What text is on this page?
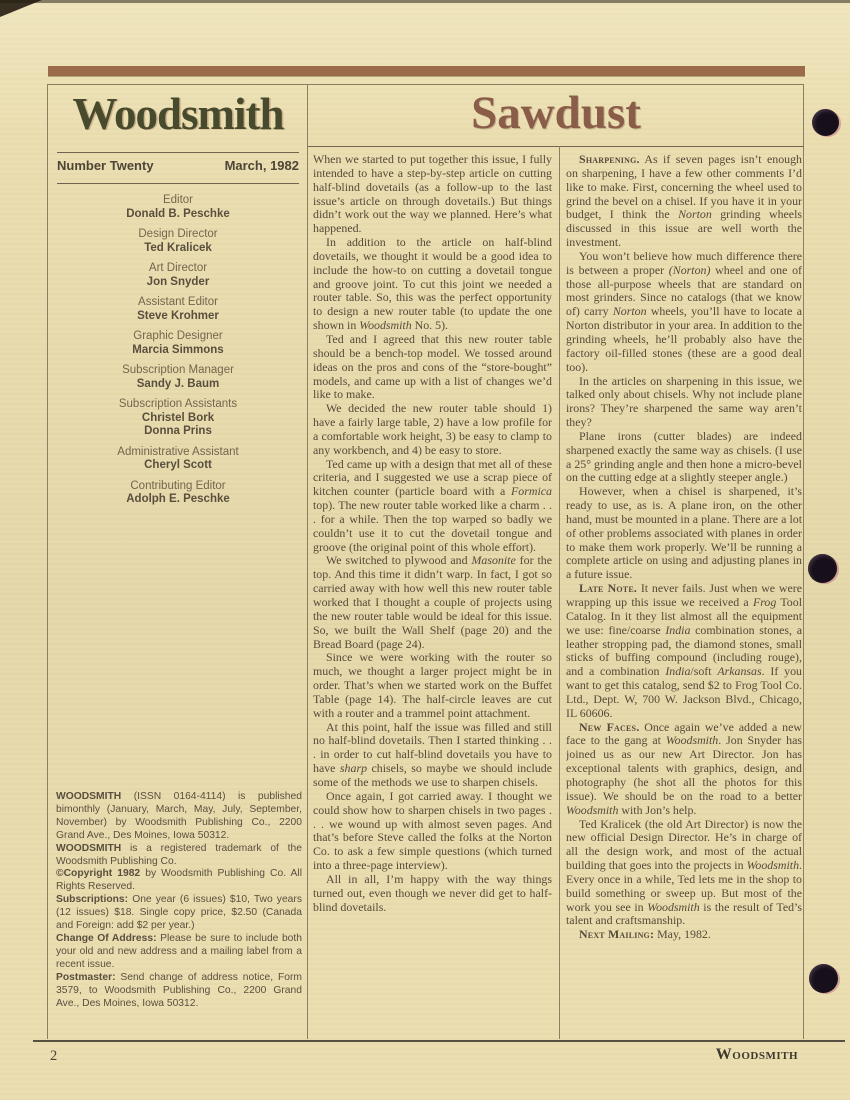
Woodsmith
Number Twenty	March, 1982
Editor
Donald B. Peschke
Design Director
Ted Kralicek
Art Director
Jon Snyder
Assistant Editor
Steve Krohmer
Graphic Designer
Marcia Simmons
Subscription Manager
Sandy J. Baum
Subscription Assistants
Christel Bork
Donna Prins
Administrative Assistant
Cheryl Scott
Contributing Editor
Adolph E. Peschke

WOODSMITH (ISSN 0164-4114) is published bimonthly (January, March, May, July, September, November) by Woodsmith Publishing Co., 2200 Grand Ave., Des Moines, Iowa 50312.

WOODSMITH is a registered trademark of the Woodsmith Publishing Co.

©Copyright 1982 by Woodsmith Publishing Co. All Rights Reserved.

Subscriptions: One year (6 issues) $10, Two years (12 issues) $18. Single copy price, $2.50 (Canada and Foreign: add $2 per year.)

Change Of Address: Please be sure to include both your old and new address and a mailing label from a recent issue.

Postmaster: Send change of address notice, Form 3579, to Woodsmith Publishing Co., 2200 Grand Ave., Des Moines, Iowa 50312.

Sawdust

When we started to put together this issue, I fully intended to have a step-by-step article on cutting half-blind dovetails (as a follow-up to the last issue’s article on through dovetails.) But things didn’t work out the way we planned. Here’s what happened.

In addition to the article on half-blind dovetails, we thought it would be a good idea to include the how-to on cutting a dovetail tongue and groove joint. To cut this joint we needed a router table. So, this was the perfect opportunity to design a new router table (to update the one shown in Woodsmith No. 5).

Ted and I agreed that this new router table should be a bench-top model. We tossed around ideas on the pros and cons of the “store-bought” models, and came up with a list of changes we’d like to make.

We decided the new router table should 1) have a fairly large table, 2) have a low profile for a comfortable work height, 3) be easy to clamp to any workbench, and 4) be easy to store.

Ted came up with a design that met all of these criteria, and I suggested we use a scrap piece of kitchen counter (particle board with a Formica top). The new router table worked like a charm . . . for a while. Then the top warped so badly we couldn’t use it to cut the dovetail tongue and groove (the original point of this whole effort).

We switched to plywood and Masonite for the top. And this time it didn’t warp. In fact, I got so carried away with how well this new router table worked that I thought a couple of projects using the new router table would be ideal for this issue. So, we built the Wall Shelf (page 20) and the Bread Board (page 24).

Since we were working with the router so much, we thought a larger project might be in order. That’s when we started work on the Buffet Table (page 14). The half-circle leaves are cut with a router and a trammel point attachment.

At this point, half the issue was filled and still no half-blind dovetails. Then I started thinking . . . in order to cut half-blind dovetails you have to have sharp chisels, so maybe we should include some of the methods we use to sharpen chisels.

Once again, I got carried away. I thought we could show how to sharpen chisels in two pages . . . we wound up with almost seven pages. And that’s before Steve called the folks at the Norton Co. to ask a few simple questions (which turned into a three-page interview).

All in all, I’m happy with the way things turned out, even though we never did get to half-blind dovetails.

Sharpening. As if seven pages isn’t enough on sharpening, I have a few other comments I’d like to make. First, concerning the wheel used to grind the bevel on a chisel. If you have it in your budget, I think the Norton grinding wheels discussed in this issue are well worth the investment.

You won’t believe how much difference there is between a proper (Norton) wheel and one of those all-purpose wheels that are standard on most grinders. Since no catalogs (that we know of) carry Norton wheels, you’ll have to locate a Norton distributor in your area. In addition to the grinding wheels, he’ll probably also have the factory oil-filled stones (these are a good deal too).

In the articles on sharpening in this issue, we talked only about chisels. Why not include plane irons? They’re sharpened the same way aren’t they?

Plane irons (cutter blades) are indeed sharpened exactly the same way as chisels. (I use a 25° grinding angle and then hone a micro-bevel on the cutting edge at a slightly steeper angle.)

However, when a chisel is sharpened, it’s ready to use, as is. A plane iron, on the other hand, must be mounted in a plane. There are a lot of other problems associated with planes in order to make them work properly. We’ll be running a complete article on using and adjusting planes in a future issue.

Late Note. It never fails. Just when we were wrapping up this issue we received a Frog Tool Catalog. In it they list almost all the equipment we use: fine/coarse India combination stones, a leather stropping pad, the diamond stones, small sticks of buffing compound (including rouge), and a combination India/soft Arkansas. If you want to get this catalog, send $2 to Frog Tool Co. Ltd., Dept. W, 700 W. Jackson Blvd., Chicago, IL 60606.

New Faces. Once again we’ve added a new face to the gang at Woodsmith. Jon Snyder has joined us as our new Art Director. Jon has exceptional talents with graphics, design, and photography (he shot all the photos for this issue). We should be on the road to a better Woodsmith with Jon’s help.

Ted Kralicek (the old Art Director) is now the new official Design Director. He’s in charge of all the design work, and most of the actual building that goes into the projects in Woodsmith. Every once in a while, Ted lets me in the shop to build something or sweep up. But most of the work you see in Woodsmith is the result of Ted’s talent and craftsmanship.

Next Mailing: May, 1982.

2	Woodsmith
